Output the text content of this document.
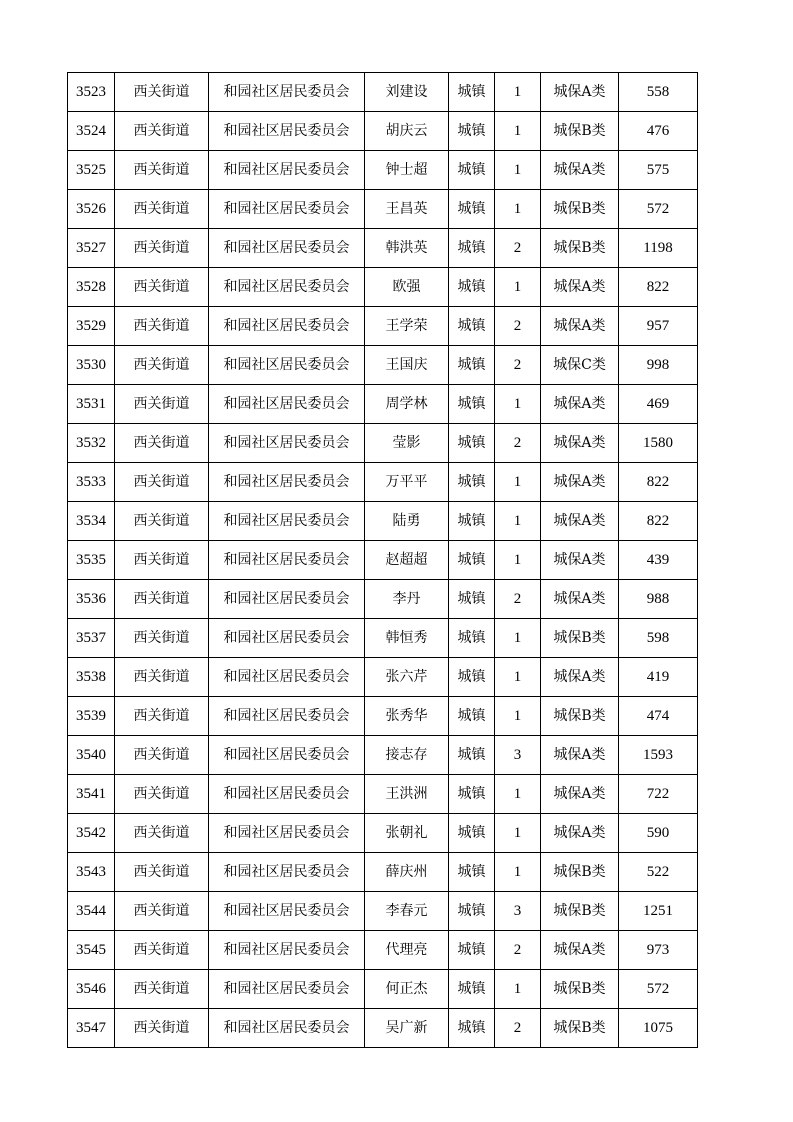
3523	西关街道	和园社区居民委员会	刘建设	城镇	1	城保A类	558
3524	西关街道	和园社区居民委员会	胡庆云	城镇	1	城保B类	476
3525	西关街道	和园社区居民委员会	钟士超	城镇	1	城保A类	575
3526	西关街道	和园社区居民委员会	王昌英	城镇	1	城保B类	572
3527	西关街道	和园社区居民委员会	韩洪英	城镇	2	城保B类	1198
3528	西关街道	和园社区居民委员会	欧强	城镇	1	城保A类	822
3529	西关街道	和园社区居民委员会	王学荣	城镇	2	城保A类	957
3530	西关街道	和园社区居民委员会	王国庆	城镇	2	城保C类	998
3531	西关街道	和园社区居民委员会	周学林	城镇	1	城保A类	469
3532	西关街道	和园社区居民委员会	莹影	城镇	2	城保A类	1580
3533	西关街道	和园社区居民委员会	万平平	城镇	1	城保A类	822
3534	西关街道	和园社区居民委员会	陆勇	城镇	1	城保A类	822
3535	西关街道	和园社区居民委员会	赵超超	城镇	1	城保A类	439
3536	西关街道	和园社区居民委员会	李丹	城镇	2	城保A类	988
3537	西关街道	和园社区居民委员会	韩恒秀	城镇	1	城保B类	598
3538	西关街道	和园社区居民委员会	张六芹	城镇	1	城保A类	419
3539	西关街道	和园社区居民委员会	张秀华	城镇	1	城保B类	474
3540	西关街道	和园社区居民委员会	接志存	城镇	3	城保A类	1593
3541	西关街道	和园社区居民委员会	王洪洲	城镇	1	城保A类	722
3542	西关街道	和园社区居民委员会	张朝礼	城镇	1	城保A类	590
3543	西关街道	和园社区居民委员会	薛庆州	城镇	1	城保B类	522
3544	西关街道	和园社区居民委员会	李春元	城镇	3	城保B类	1251
3545	西关街道	和园社区居民委员会	代理亮	城镇	2	城保A类	973
3546	西关街道	和园社区居民委员会	何正杰	城镇	1	城保B类	572
3547	西关街道	和园社区居民委员会	吴广新	城镇	2	城保B类	1075
